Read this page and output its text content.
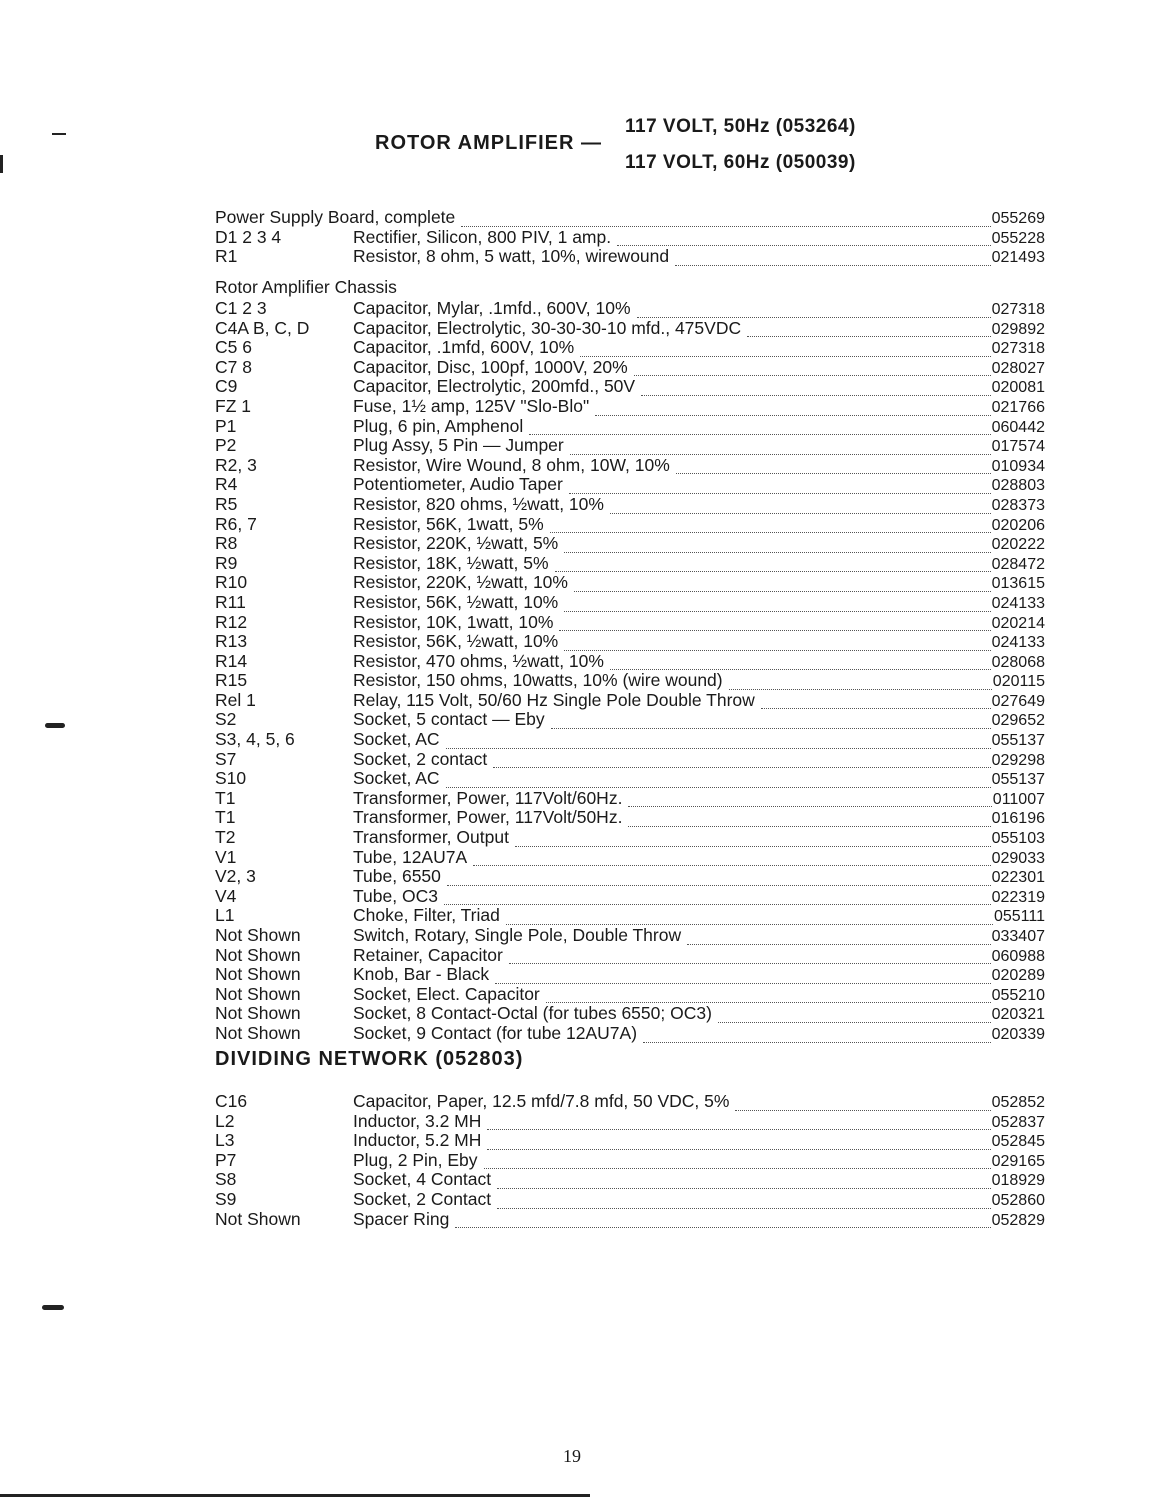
ROTOR AMPLIFIER —
117 VOLT, 50Hz (053264)
117 VOLT, 60Hz (050039)
Power Supply Board, complete	055269
D1 2 3 4	Rectifier, Silicon, 800 PIV, 1 amp.	055228
R1	Resistor, 8 ohm, 5 watt, 10%, wirewound	021493
Rotor Amplifier Chassis
C1 2 3	Capacitor, Mylar, .1mfd., 600V, 10%	027318
C4A B, C, D	Capacitor, Electrolytic, 30-30-30-10 mfd., 475VDC	029892
C5 6	Capacitor, .1mfd, 600V, 10%	027318
C7 8	Capacitor, Disc, 100pf, 1000V, 20%	028027
C9	Capacitor, Electrolytic, 200mfd., 50V	020081
FZ 1	Fuse, 1½ amp, 125V "Slo-Blo"	021766
P1	Plug, 6 pin, Amphenol	060442
P2	Plug Assy, 5 Pin — Jumper	017574
R2, 3	Resistor, Wire Wound, 8 ohm, 10W, 10%	010934
R4	Potentiometer, Audio Taper	028803
R5	Resistor, 820 ohms, ½watt, 10%	028373
R6, 7	Resistor, 56K, 1watt, 5%	020206
R8	Resistor, 220K, ½watt, 5%	020222
R9	Resistor, 18K, ½watt, 5%	028472
R10	Resistor, 220K, ½watt, 10%	013615
R11	Resistor, 56K, ½watt, 10%	024133
R12	Resistor, 10K, 1watt, 10%	020214
R13	Resistor, 56K, ½watt, 10%	024133
R14	Resistor, 470 ohms, ½watt, 10%	028068
R15	Resistor, 150 ohms, 10watts, 10% (wire wound)	020115
Rel 1	Relay, 115 Volt, 50/60 Hz Single Pole Double Throw	027649
S2	Socket, 5 contact — Eby	029652
S3, 4, 5, 6	Socket, AC	055137
S7	Socket, 2 contact	029298
S10	Socket, AC	055137
T1	Transformer, Power, 117Volt/60Hz.	011007
T1	Transformer, Power, 117Volt/50Hz.	016196
T2	Transformer, Output	055103
V1	Tube, 12AU7A	029033
V2, 3	Tube, 6550	022301
V4	Tube, OC3	022319
L1	Choke, Filter, Triad	055111
Not Shown	Switch, Rotary, Single Pole, Double Throw	033407
Not Shown	Retainer, Capacitor	060988
Not Shown	Knob, Bar - Black	020289
Not Shown	Socket, Elect. Capacitor	055210
Not Shown	Socket, 8 Contact-Octal (for tubes 6550; OC3)	020321
Not Shown	Socket, 9 Contact (for tube 12AU7A)	020339
DIVIDING NETWORK (052803)
C16	Capacitor, Paper, 12.5 mfd/7.8 mfd, 50 VDC, 5%	052852
L2	Inductor, 3.2 MH	052837
L3	Inductor, 5.2 MH	052845
P7	Plug, 2 Pin, Eby	029165
S8	Socket, 4 Contact	018929
S9	Socket, 2 Contact	052860
Not Shown	Spacer Ring	052829
19
